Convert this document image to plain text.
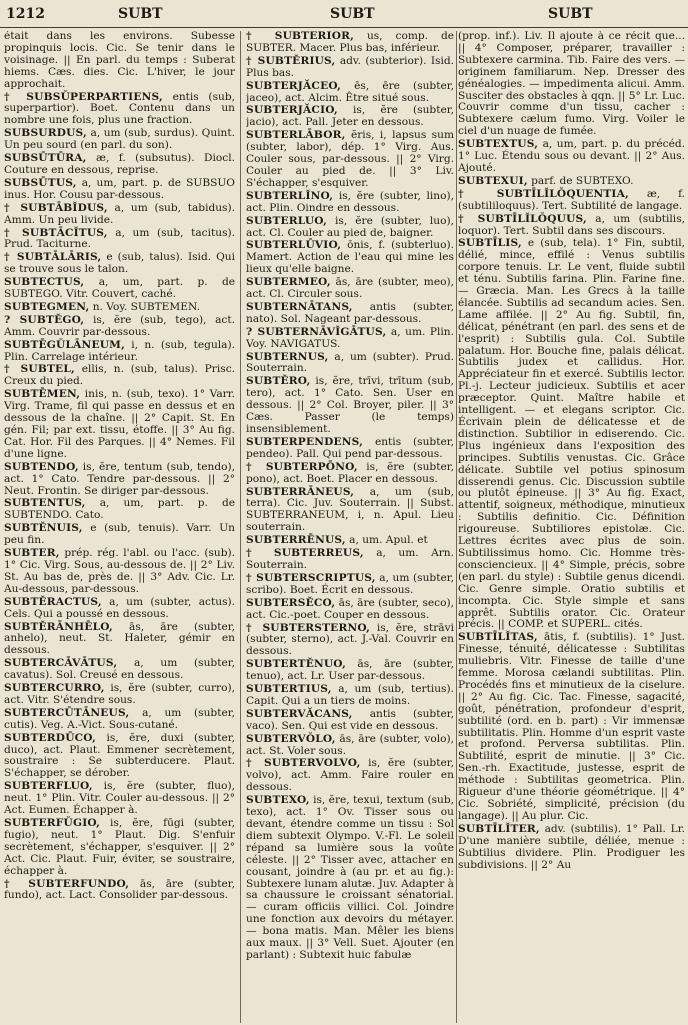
1212	SUBT	SUBT	SUBT

était dans les environs. Subesse propinquis locis. Cic. Se tenir dans le voisinage. || En parl. du temps : Suberat hiems. Cæs. dies. Cic. L'hiver, le jour approchait.

† SUBSŬPERPARTIENS, entis (sub, superpartior). Boet. Contenu dans un nombre une fois, plus une fraction.

SUBSURDUS, a, um (sub, surdus). Quint. Un peu sourd (en parl. du son).

SUBSŪTŪRA, æ, f. (subsutus). Diocl. Couture en dessous, reprise.

SUBSŪTUS, a, um, part. p. de SUBSUO inus. Hor. Cousu par-dessous.

† SUBTĀBĬDUS, a, um (sub, tabidus). Amm. Un peu livide.

† SUBTĀCĬTUS, a, um (sub, tacitus). Prud. Taciturne.

† SUBTĀLĀRIS, e (sub, talus). Isid. Qui se trouve sous le talon.

SUBTECTUS, a, um, part. p. de SUBTEGO. Vitr. Couvert, caché.

SUBTEGMEN, n. Voy. SUBTEMEN.

? SUBTĔGO, is, ĕre (sub, tego), act. Amm. Couvrir par-dessous.

SUBTĒGŬLĀNEUM, i, n. (sub, tegula). Plin. Carrelage intérieur.

† SUBTEL, ellis, n. (sub, talus). Prisc. Creux du pied.

SUBTĒMEN, inis, n. (sub, texo). 1° Varr. Virg. Trame, fil qui passe en dessus et en dessous de la chaîne. || 2° Capit. St. En gén. Fil; par ext. tissu, étoffe. || 3° Au fig. Cat. Hor. Fil des Parques. || 4° Nemes. Fil d'une ligne.

SUBTENDO, is, ĕre, tentum (sub, tendo), act. 1° Cato. Tendre par-dessous. || 2° Neut. Frontin. Se diriger par-dessous.

SUBTENTUS, a, um, part. p. de SUBTENDO. Cato.

SUBTĔNUIS, e (sub, tenuis). Varr. Un peu fin.

SUBTER, prép. rég. l'abl. ou l'acc. (sub). 1° Cic. Virg. Sous, au-dessous de. || 2° Liv. St. Au bas de, près de. || 3° Adv. Cic. Lr. Au-dessous, par-dessous.

SUBTĔRACTUS, a, um (subter, actus). Cels. Qui a poussé en dessous.

SUBTĔRĀNHĒLO, ās, āre (subter, anhelo), neut. St. Haleter, gémir en dessous.

SUBTERCĀVĀTUS, a, um (subter, cavatus). Sol. Creusé en dessous.

SUBTERCURRO, is, ĕre (subter, curro), act. Vitr. S'étendre sous.

SUBTERCŪTĀNEUS, a, um (subter, cutis). Veg. A.-Vict. Sous-cutané.

SUBTERDŪCO, is, ĕre, duxi (subter, duco), act. Plaut. Emmener secrètement, soustraire : Se subterducere. Plaut. S'échapper, se dérober.

SUBTERFLUO, is, ĕre (subter, fluo), neut. 1° Plin. Vitr. Couler au-dessous. || 2° Act. Eumen. Échapper à.

SUBTERFŬGIO, is, ĕre, fūgi (subter, fugio), neut. 1° Plaut. Dig. S'enfuir secrètement, s'échapper, s'esquiver. || 2° Act. Cic. Plaut. Fuir, éviter, se soustraire, échapper à.

† SUBTERFUNDO, ās, āre (subter, fundo), act. Lact. Consolider par-dessous.

† SUBTĔRIOR, us, comp. de SUBTER. Macer. Plus bas, inférieur.

† SUBTĔRIUS, adv. (subterior). Isid. Plus bas.

SUBTERJĂCEO, ēs, ēre (subter, jaceo), act. Alcim. Être situé sous.

SUBTERJĂCIO, is, ĕre (subter, jacio), act. Pall. Jeter en dessous.

SUBTERLĀBOR, ĕris, i, lapsus sum (subter, labor), dép. 1° Virg. Aus. Couler sous, par-dessous. || 2° Virg. Couler au pied de. || 3° Liv. S'échapper, s'esquiver.

SUBTERLĬNO, is, ĕre (subter, lino), act. Plin. Oindre en dessous.

SUBTERLUO, is, ĕre (subter, luo), act. Cl. Couler au pied de, baigner.

SUBTERLŪVIO, ōnis, f. (subterluo). Mamert. Action de l'eau qui mine les lieux qu'elle baigne.

SUBTERMEO, ās, āre (subter, meo), act. Cl. Circuler sous.

SUBTERNĀTANS, antis (subter, nato). Sol. Nageant par-dessous.

? SUBTERNĀVĬGĀTUS, a, um. Plin. Voy. NAVIGATUS.

SUBTERNUS, a, um (subter). Prud. Souterrain.

SUBTĔRO, is, ĕre, trīvi, trītum (sub, tero), act. 1° Cato. Sen. User en dessous. || 2° Col. Broyer, piler. || 3° Cæs. Passer (le temps) insensiblement.

SUBTERPENDENS, entis (subter, pendeo). Pall. Qui pend par-dessous.

† SUBTERPŌNO, is, ĕre (subter, pono), act. Boet. Placer en dessous.

SUBTERRĀNEUS, a, um (sub, terra). Cic. Juv. Souterrain. || Subst. SUBTERRANEUM, i, n. Apul. Lieu souterrain.

SUBTERRĒNUS, a, um. Apul. et

† SUBTERREUS, a, um. Arn. Souterrain.

† SUBTERSCRIPTUS, a, um (subter, scribo). Boet. Écrit en dessous.

SUBTERSĔCO, ās, āre (subter, seco), act. Cic.-poet. Couper en dessous.

† SUBTERSTERNO, is, ĕre, strāvi (subter, sterno), act. J.-Val. Couvrir en dessous.

SUBTERTĔNUO, ās, āre (subter, tenuo), act. Lr. User par-dessous.

SUBTERTIUS, a, um (sub, tertius). Capit. Qui a un tiers de moins.

SUBTERVĂCANS, antis (subter, vaco). Sen. Qui est vide en dessous.

SUBTERVŎLO, ās, āre (subter, volo), act. St. Voler sous.

† SUBTERVOLVO, is, ĕre (subter, volvo), act. Amm. Faire rouler en dessous.

SUBTEXO, is, ĕre, texui, textum (sub, texo), act. 1° Ov. Tisser sous ou devant, étendre comme un tissu : Sol diem subtexit Olympo. V.-Fl. Le soleil répand sa lumière sous la voûte céleste. || 2° Tisser avec, attacher en cousant, joindre à (au pr. et au fig.): Subtexere lunam alutæ. Juv. Adapter à sa chaussure le croissant sénatorial. — curam officiis villici. Col. Joindre une fonction aux devoirs du métayer. — bona matis. Man. Mêler les biens aux maux. || 3° Vell. Suet. Ajouter (en parlant) : Subtexit huic fabulæ

(prop. inf.). Liv. Il ajoute à ce récit que... || 4° Composer, préparer, travailler : Subtexere carmina. Tib. Faire des vers. — originem familiarum. Nep. Dresser des généalogies. — impedimenta alicui. Amm. Susciter des obstacles à qqn. || 5° Lr. Luc. Couvrir comme d'un tissu, cacher : Subtexere cælum fumo. Virg. Voiler le ciel d'un nuage de fumée.

SUBTEXTUS, a, um, part. p. du précéd. 1° Luc. Étendu sous ou devant. || 2° Aus. Ajouté.

SUBTEXUI, parf. de SUBTEXO.

† SUBTĪLĬLŎQUENTIA, æ, f. (subtililoquus). Tert. Subtilité de langage.

† SUBTĪLĬLŎQUUS, a, um (subtilis, loquor). Tert. Subtil dans ses discours.

SUBTĪLIS, e (sub, tela). 1° Fin, subtil, délié, mince, effilé : Venus subtilis corpore tenuis. Lr. Le vent, fluide subtil et ténu. Subtilis farina. Plin. Farine fine. — Græcia. Man. Les Grecs à la taille élancée. Subtilis ad secandum acies. Sen. Lame affilée. || 2° Au fig. Subtil, fin, délicat, pénétrant (en parl. des sens et de l'esprit) : Subtilis gula. Col. Subtile palatum. Hor. Bouche fine, palais délicat. Subtilis judex et callidus. Hor. Appréciateur fin et exercé. Subtilis lector. Pl.-j. Lecteur judicieux. Subtilis et acer præceptor. Quint. Maître habile et intelligent. — et elegans scriptor. Cic. Écrivain plein de délicatesse et de distinction. Subtilior in ediserendo. Cic. Plus ingénieux dans l'exposition des principes. Subtilis venustas. Cic. Grâce délicate. Subtile vel potius spinosum disserendi genus. Cic. Discussion subtile ou plutôt épineuse. || 3° Au fig. Exact, attentif, soigneux, méthodique, minutieux : Subtilis definitio. Cic. Définition rigoureuse. Subtiliores epistolæ. Cic. Lettres écrites avec plus de soin. Subtilissimus homo. Cic. Homme très-consciencieux. || 4° Simple, précis, sobre (en parl. du style) : Subtile genus dicendi. Cic. Genre simple. Oratio subtilis et incompta. Cic. Style simple et sans apprêt. Subtilis orator. Cic. Orateur précis. || COMP. et SUPERL. cités.

SUBTĪLĬTAS, ātis, f. (subtilis). 1° Just. Finesse, ténuité, délicatesse : Subtilitas muliebris. Vitr. Finesse de taille d'une femme. Morosa cælandi subtilitas. Plin. Procédés fins et minutieux de la ciselure. || 2° Au fig. Cic. Tac. Finesse, sagacité, goût, pénétration, profondeur d'esprit, subtilité (ord. en b. part) : Vir immensæ subtilitatis. Plin. Homme d'un esprit vaste et profond. Perversa subtilitas. Plin. Subtilité, esprit de minutie. || 3° Cic. Sen.-rh. Exactitude, justesse, esprit de méthode : Subtilitas geometrica. Plin. Rigueur d'une théorie géométrique. || 4° Cic. Sobriété, simplicité, précision (du langage). || Au plur. Cic.

SUBTĪLĬTER, adv. (subtilis). 1° Pall. Lr. D'une manière subtile, déliée, menue : Subtilius dividere. Plin. Prodiguer les subdivisions. || 2° Au
